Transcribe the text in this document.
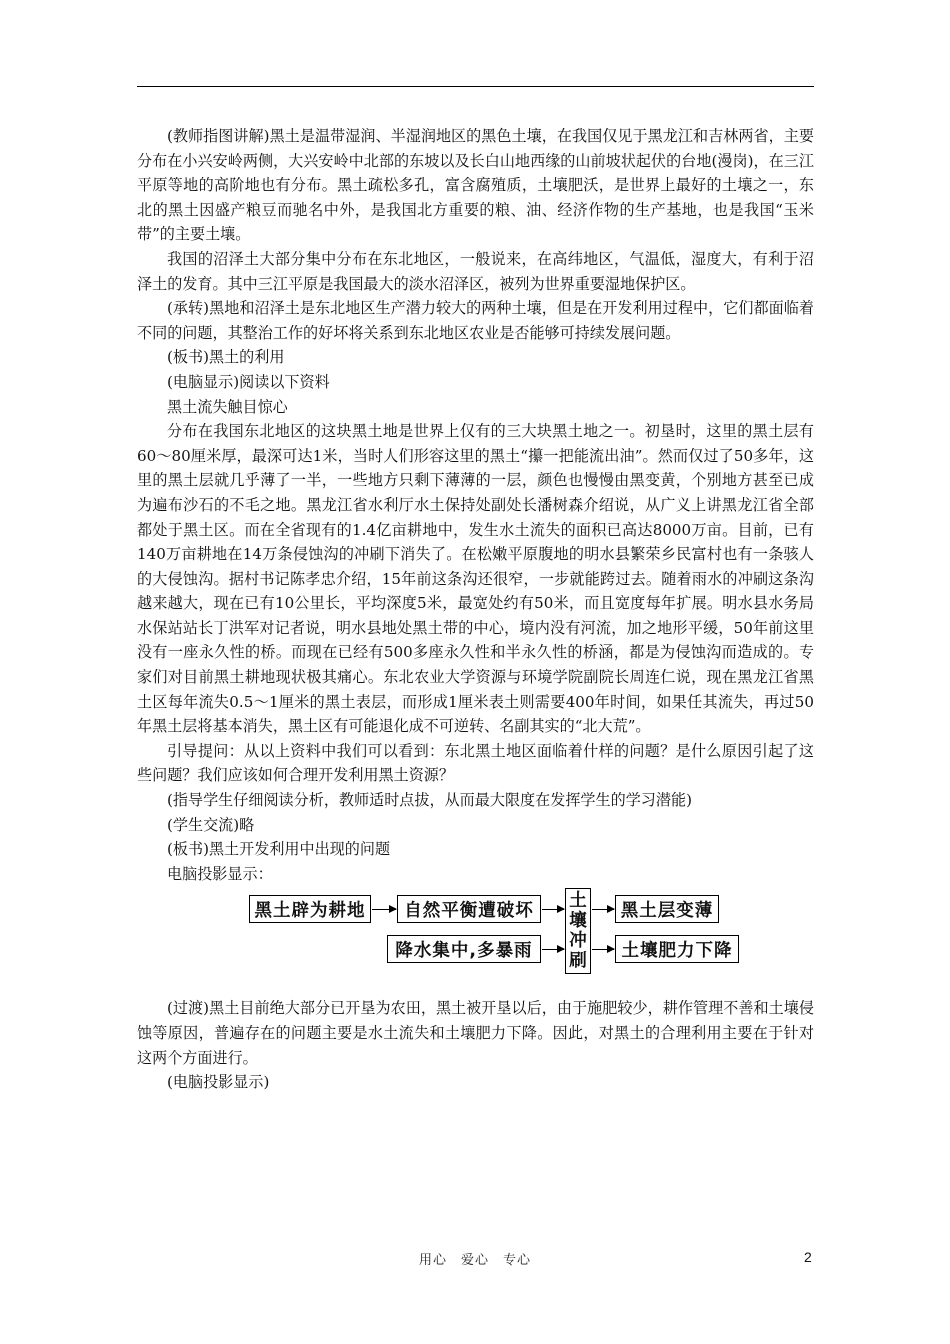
(教师指图讲解)黑土是温带湿润、半湿润地区的黑色土壤，在我国仅见于黑龙江和吉林两省，主要分布在小兴安岭两侧，大兴安岭中北部的东坡以及长白山地西缘的山前坡状起伏的台地(漫岗)，在三江平原等地的高阶地也有分布。黑土疏松多孔，富含腐殖质，土壤肥沃，是世界上最好的土壤之一，东北的黑土因盛产粮豆而驰名中外，是我国北方重要的粮、油、经济作物的生产基地，也是我国“玉米带”的主要土壤。

我国的沼泽土大部分集中分布在东北地区，一般说来，在高纬地区，气温低，湿度大，有利于沼泽土的发育。其中三江平原是我国最大的淡水沼泽区，被列为世界重要湿地保护区。

(承转)黑地和沼泽土是东北地区生产潜力较大的两种土壤，但是在开发利用过程中，它们都面临着不同的问题，其整治工作的好坏将关系到东北地区农业是否能够可持续发展问题。

(板书)黑土的利用

(电脑显示)阅读以下资料

黑土流失触目惊心

分布在我国东北地区的这块黑土地是世界上仅有的三大块黑土地之一。初垦时，这里的黑土层有60～80厘米厚，最深可达1米，当时人们形容这里的黑土“攥一把能流出油”。然而仅过了50多年，这里的黑土层就几乎薄了一半，一些地方只剩下薄薄的一层，颜色也慢慢由黑变黄，个别地方甚至已成为遍布沙石的不毛之地。黑龙江省水利厅水土保持处副处长潘树森介绍说，从广义上讲黑龙江省全部都处于黑土区。而在全省现有的1.4亿亩耕地中，发生水土流失的面积已高达8000万亩。目前，已有140万亩耕地在14万条侵蚀沟的冲刷下消失了。在松嫩平原腹地的明水县繁荣乡民富村也有一条骇人的大侵蚀沟。据村书记陈孝忠介绍，15年前这条沟还很窄，一步就能跨过去。随着雨水的冲刷这条沟越来越大，现在已有10公里长，平均深度5米，最宽处约有50米，而且宽度每年扩展。明水县水务局水保站站长丁洪军对记者说，明水县地处黑土带的中心，境内没有河流，加之地形平缓，50年前这里没有一座永久性的桥。而现在已经有500多座永久性和半永久性的桥涵，都是为侵蚀沟而造成的。专家们对目前黑土耕地现状极其痛心。东北农业大学资源与环境学院副院长周连仁说，现在黑龙江省黑土区每年流失0.5～1厘米的黑土表层，而形成1厘米表土则需要400年时间，如果任其流失，再过50年黑土层将基本消失，黑土区有可能退化成不可逆转、名副其实的“北大荒”。

引导提问：从以上资料中我们可以看到：东北黑土地区面临着什样的问题？是什么原因引起了这些问题？我们应该如何合理开发利用黑土资源？

(指导学生仔细阅读分析，教师适时点拔，从而最大限度在发挥学生的学习潜能)

(学生交流)略

(板书)黑土开发利用中出现的问题

电脑投影显示：

黑土辟为耕地	自然平衡遭破坏
降水集中,多暴雨
土
壤
冲
刷
黑土层变薄
土壤肥力下降

(过渡)黑土目前绝大部分已开垦为农田，黑土被开垦以后，由于施肥较少，耕作管理不善和土壤侵蚀等原因，普遍存在的问题主要是水土流失和土壤肥力下降。因此，对黑土的合理利用主要在于针对这两个方面进行。

(电脑投影显示)

用心　爱心　专心	2
